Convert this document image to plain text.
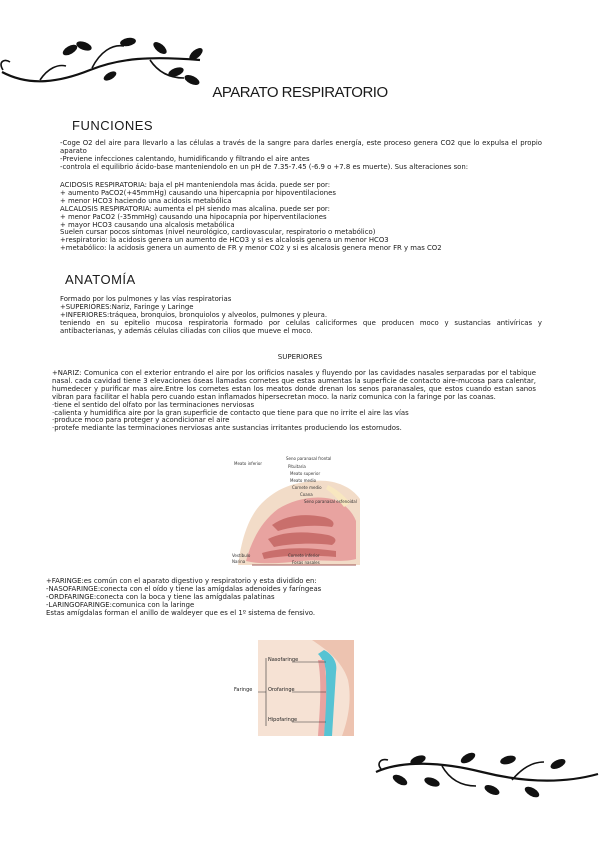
APARATO RESPIRATORIO
FUNCIONES

-Coge O2 del aire para llevarlo a las células a través de la sangre para darles energía, este proceso genera CO2 que lo expulsa el propio aparato

-Previene infecciones calentando, humidificando y filtrando el aire antes

-controla el equilibrio ácido-base manteniendolo en un pH de 7.35-7.45 (-6.9 o +7.8 es muerte). Sus alteraciones son:

ACIDOSIS RESPIRATORIA: baja el pH manteniendola mas ácida. puede ser por:

+ aumento PaCO2(+45mmHg) causando una hipercapnia por hipoventilaciones

+ menor HCO3 haciendo una acidosis metabólica

ALCALOSIS RESPIRATORIA: aumenta el pH siendo mas alcalina. puede ser por:

+ menor PaCO2 (-35mmHg) causando una hipocapnia por hiperventilaciones

+ mayor HCO3 causando una alcalosis metabólica

Suelen cursar pocos síntomas (nivel neurológico, cardiovascular, respiratorio o metabólico)

+respiratorio: la acidosis genera un aumento de HCO3 y si es alcalosis genera un menor HCO3

+metabólico: la acidosis genera un aumento de FR y menor CO2 y si es alcalosis genera menor FR y mas CO2

ANATOMÍA

Formado por los pulmones y las vías respiratorias

+SUPERIORES:Nariz, Faringe y Laringe

+INFERIORES:tráquea, bronquios, bronquiolos y alveolos, pulmones y pleura.

teniendo en su epitelio mucosa respiratoria formado por celulas caliciformes que producen moco y sustancias antivíricas y antibacterianas, y además células ciliadas con cilios que mueve el moco.

SUPERIORES

+NARIZ: Comunica con el exterior entrando el aire por los orificios nasales y fluyendo por las cavidades nasales serparadas por el tabique nasal. cada cavidad tiene 3 elevaciones óseas llamadas cornetes que estas aumentas la superficie de contacto aire-mucosa para calentar, humedecer y purificar mas aire.Entre los cornetes estan los meatos donde drenan los senos paranasales, que estos cuando estan sanos vibran para facilitar el habla pero cuando estan inflamados hipersecretan moco. la nariz comunica con la faringe por las coanas.

·tiene el sentido del olfato por las terminaciones nerviosas

·calienta y humidifica aire por la gran superficie de contacto que tiene para que no irrite el aire las vías

·produce moco para proteger y acondicionar el aire

·protefe mediante las terminaciones nerviosas ante sustancias irritantes produciendo los estornudos.

Seno paranasal frontal
Pituitaria
Meato superior
Meato medio
Cornete medio
Coana
Seno paranasal esfenoidal
Meato inferior
Vestíbulo
Narina
Cornete inferior
Fosas nasales

+FARINGE:es común con el aparato digestivo y respiratorio y esta dividido en:

-NASOFARINGE:conecta con el oído y tiene las amígdalas adenoides y faríngeas

-ORDFARINGE:conecta con la boca y tiene las amígdalas palatinas

-LARINGOFARINGE:comunica con la laringe

Estas amígdalas forman el anillo de waldeyer que es el 1º sistema de fensivo.

Faringe
Nasofaringe
Orofaringe
Hipofaringe
